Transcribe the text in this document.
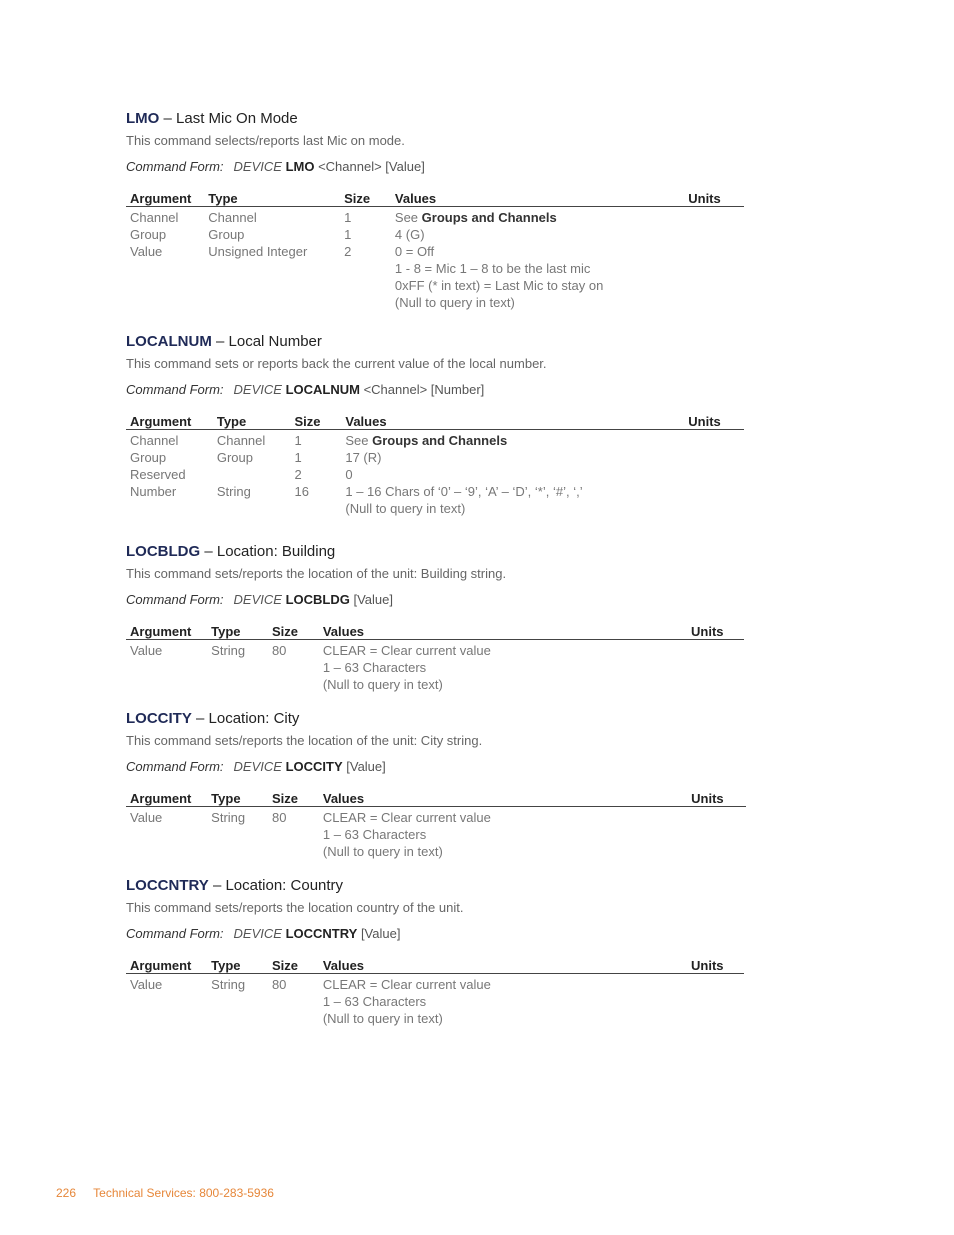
LMO – Last Mic On Mode
This command selects/reports last Mic on mode.
Command Form: DEVICE LMO <Channel> [Value]
Argument	Type	Size	Values	Units
Channel	Channel	1	See Groups and Channels	

Group	Group	1	4 (G)	

Value	Unsigned Integer	2	0 = Off
1 - 8 = Mic 1 – 8 to be the last mic
0xFF (* in text) = Last Mic to stay on
(Null to query in text)	

LOCALNUM – Local Number
This command sets or reports back the current value of the local number.
Command Form: DEVICE LOCALNUM <Channel> [Number]
Argument	Type	Size	Values	Units
Channel	Channel	1	See Groups and Channels	

Group	Group	1	17 (R)	

Reserved		2	0	

Number	String	16	1 – 16 Chars of ‘0’ – ‘9’, ‘A’ – ‘D’, ‘*’, ‘#’, ‘,’
(Null to query in text)	

LOCBLDG – Location: Building
This command sets/reports the location of the unit: Building string.
Command Form: DEVICE LOCBLDG [Value]
Argument	Type	Size	Values	Units
Value	String	80	CLEAR = Clear current value
1 – 63 Characters
(Null to query in text)	

LOCCITY – Location: City
This command sets/reports the location of the unit: City string.
Command Form: DEVICE LOCCITY [Value]
Argument	Type	Size	Values	Units
Value	String	80	CLEAR = Clear current value
1 – 63 Characters
(Null to query in text)	

LOCCNTRY – Location: Country
This command sets/reports the location country of the unit.
Command Form: DEVICE LOCCNTRY [Value]
Argument	Type	Size	Values	Units
Value	String	80	CLEAR = Clear current value
1 – 63 Characters
(Null to query in text)	

226 Technical Services: 800-283-5936
